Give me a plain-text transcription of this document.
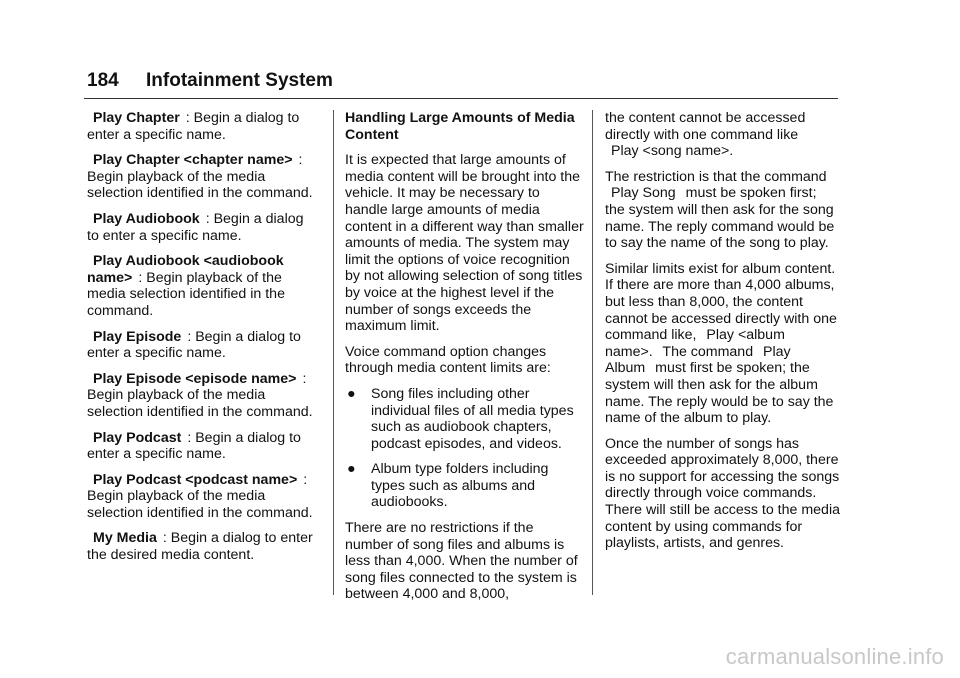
184 Infotainment System

Play Chapter : Begin a dialog to enter a specific name.

Play Chapter <chapter name> : Begin playback of the media selection identified in the command.

Play Audiobook : Begin a dialog to enter a specific name.

Play Audiobook <audiobook name> : Begin playback of the media selection identified in the command.

Play Episode : Begin a dialog to enter a specific name.

Play Episode <episode name> : Begin playback of the media selection identified in the command.

Play Podcast : Begin a dialog to enter a specific name.

Play Podcast <podcast name> : Begin playback of the media selection identified in the command.

My Media : Begin a dialog to enter the desired media content.

Handling Large Amounts of Media Content

It is expected that large amounts of media content will be brought into the vehicle. It may be necessary to handle large amounts of media content in a different way than smaller amounts of media. The system may limit the options of voice recognition by not allowing selection of song titles by voice at the highest level if the number of songs exceeds the maximum limit.

Voice command option changes through media content limits are:

●	Song files including other individual files of all media types such as audiobook chapters, podcast episodes, and videos.
●	Album type folders including types such as albums and audiobooks.

There are no restrictions if the number of song files and albums is less than 4,000. When the number of song files connected to the system is between 4,000 and 8,000,

the content cannot be accessed directly with one command like
Play <song name>.

The restriction is that the command Play Song must be spoken first; the system will then ask for the song name. The reply command would be to say the name of the song to play.

Similar limits exist for album content. If there are more than 4,000 albums, but less than 8,000, the content cannot be accessed directly with one command like, Play <album name>. The command Play Album must first be spoken; the system will then ask for the album name. The reply would be to say the name of the album to play.

Once the number of songs has exceeded approximately 8,000, there is no support for accessing the songs directly through voice commands. There will still be access to the media content by using commands for playlists, artists, and genres.

carmanualsonline.info
